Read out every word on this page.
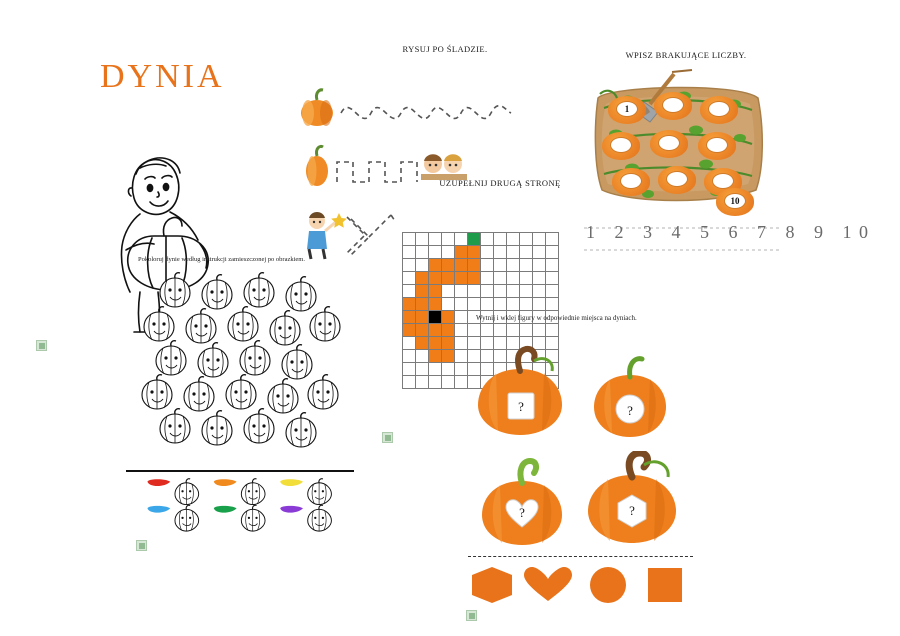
DYNIA
RYSUJ PO ŚLADZIE.
UZUPEŁNIJ DRUGĄ STRONĘ
WPISZ BRAKUJĄCE LICZBY.
1
10
1 2 3 4 5 6 7 8 9 10
Pokoloruj dynie według instrukcji zamieszczonej po obrazkiem.

Wytnij i wklej figury w odpowiednie miejsca na dyniach.
?	?
?	?
